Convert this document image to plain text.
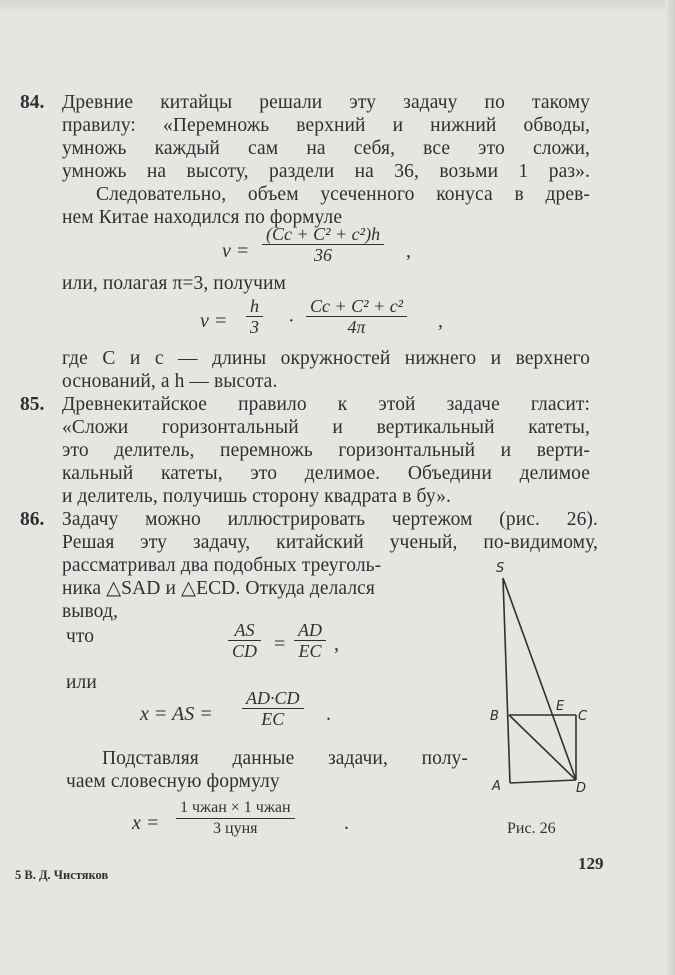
84. Древние китайцы решали эту задачу по такому
правилу: «Перемножь верхний и нижний обводы,
умножь каждый сам на себя, все это сложи,
умножь на высоту, раздели на 36, возьми 1 раз».
Следовательно, объем усеченного конуса в древ-
нем Китае находился по формуле
$v = \frac{\text{(Cc + C² + c²)h}}{36}$ ,
или, полагая π=3, получим
$v = \frac{h}{3} \cdot \frac{\text{Cc + C² + c²}}{4\pi}$ ,
где C и c — длины окружностей нижнего и верхнего
оснований, а h — высота.
85. Древнекитайское правило к этой задаче гласит:
«Сложи горизонтальный и вертикальный катеты,
это делитель, перемножь горизонтальный и верти-
кальный катеты, это делимое. Объедини делимое
и делитель, получишь сторону квадрата в бу».
86. Задачу можно иллюстрировать чертежом (рис. 26).
Решая эту задачу, китайский ученый, по-видимому,
рассматривал два подобных треуголь-
ника △SAD и △ECD. Откуда делался
вывод,
что	$\frac{AS}{CD} = \frac{AD}{EC}$ ,
или
x = AS = $\frac{AD\cdot CD}{EC}$ .
Подставляя данные задачи, полу-
чаем словесную формулу
x =
1 чжан × 1 чжан
3 цуня	.
S
E
B	C
A	D
Рис. 26
5 В. Д. Чистяков
129
